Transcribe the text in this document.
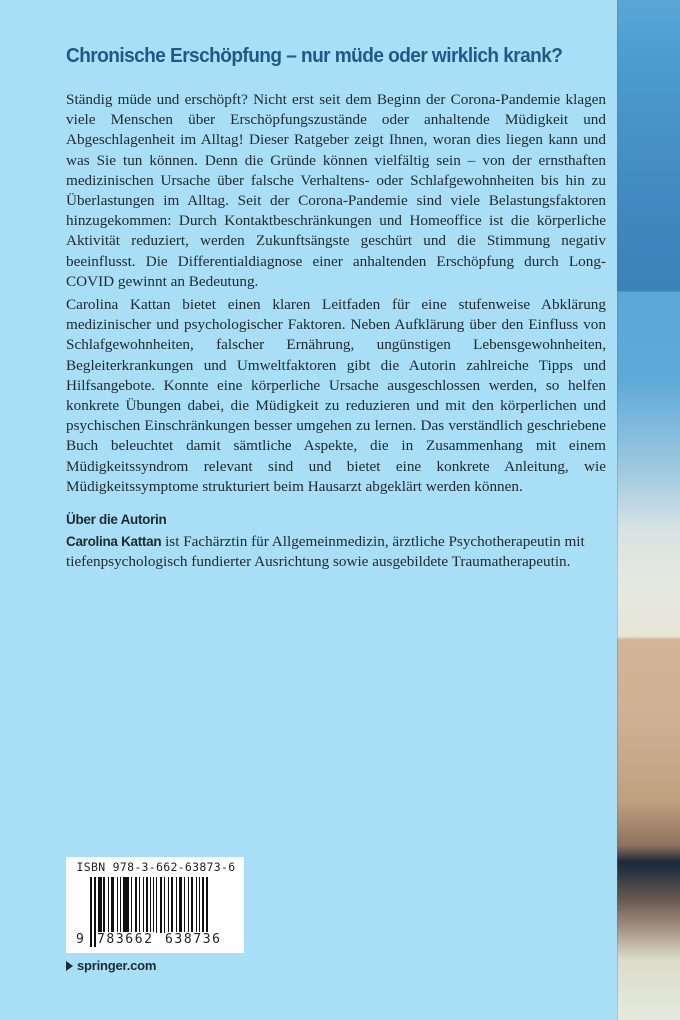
Chronische Erschöpfung – nur müde oder wirklich krank?

Ständig müde und erschöpft? Nicht erst seit dem Beginn der Corona-Pandemie klagen viele Menschen über Erschöpfungszustände oder anhaltende Müdigkeit und Abgeschlagenheit im Alltag! Dieser Ratgeber zeigt Ihnen, woran dies liegen kann und was Sie tun können. Denn die Gründe können vielfältig sein – von der ernsthaften medizinischen Ursache über falsche Verhaltens- oder Schlafgewohnheiten bis hin zu Überlastungen im Alltag. Seit der Corona-Pandemie sind viele Belastungsfaktoren hinzugekommen: Durch Kontaktbeschränkungen und Homeoffice ist die körperliche Aktivität reduziert, werden Zukunftsängste geschürt und die Stimmung negativ beeinflusst. Die Differentialdiagnose einer anhaltenden Erschöpfung durch Long-COVID gewinnt an Bedeutung.

Carolina Kattan bietet einen klaren Leitfaden für eine stufenweise Abklärung medizinischer und psychologischer Faktoren. Neben Aufklärung über den Einfluss von Schlafgewohnheiten, falscher Ernährung, ungünstigen Lebensgewohnheiten, Begleiterkrankungen und Umweltfaktoren gibt die Autorin zahlreiche Tipps und Hilfsangebote. Konnte eine körperliche Ursache ausgeschlossen werden, so helfen konkrete Übungen dabei, die Müdigkeit zu reduzieren und mit den körperlichen und psychischen Einschränkungen besser umgehen zu lernen. Das verständlich geschriebene Buch beleuchtet damit sämtliche Aspekte, die in Zusammenhang mit einem Müdigkeitssyndrom relevant sind und bietet eine konkrete Anleitung, wie Müdigkeitssymptome strukturiert beim Hausarzt abgeklärt werden können.

Über die Autorin

Carolina Kattan ist Fachärztin für Allgemeinmedizin, ärztliche Psychotherapeutin mit tiefenpsychologisch fundierter Ausrichtung sowie ausgebildete Traumatherapeutin.

ISBN 978-3-662-63873-6
9 783662 638736
springer.com
